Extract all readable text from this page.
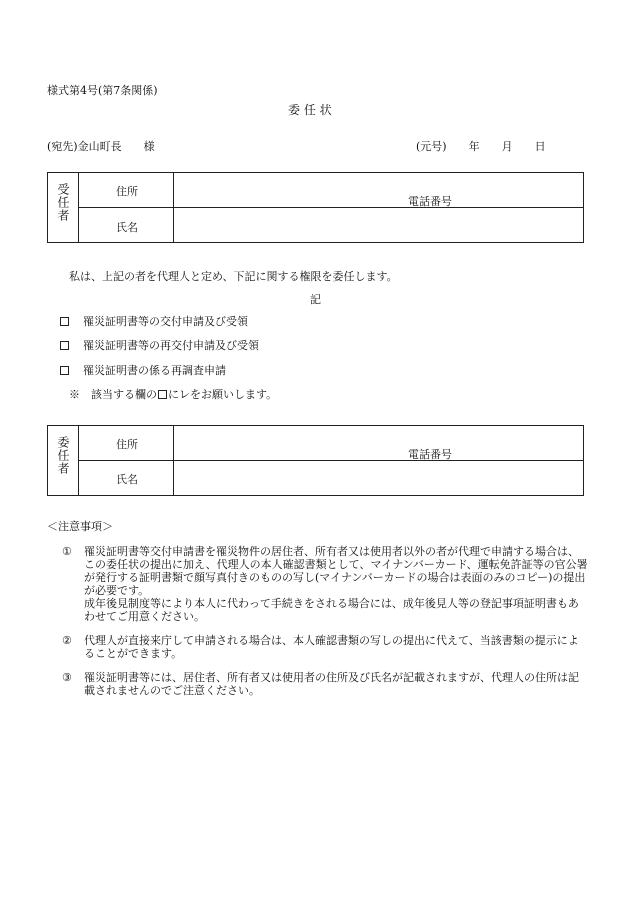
様式第4号(第7条関係)
委 任 状
(宛先)金山町長　　様	(元号)　　年　　月　　日
受任者	住所
氏名
電話番号
私は、上記の者を代理人と定め、下記に関する権限を委任します。
記
罹災証明書等の交付申請及び受領
罹災証明書等の再交付申請及び受領
罹災証明書の係る再調査申請
※　該当する欄の にレをお願いします。
委任者	住所
氏名
電話番号
＜注意事項＞
①	罹災証明書等交付申請書を罹災物件の居住者、所有者又は使用者以外の者が代理で申請する場合は、この委任状の提出に加え、代理人の本人確認書類として、マイナンバーカード、運転免許証等の官公署が発行する証明書類で顔写真付きのものの写し(マイナンバーカードの場合は表面のみのコピー)の提出が必要です。

成年後見制度等により本人に代わって手続きをされる場合には、成年後見人等の登記事項証明書もあわせてご用意ください。

②	代理人が直接来庁して申請される場合は、本人確認書類の写しの提出に代えて、当該書類の提示によることができます。

③	罹災証明書等には、居住者、所有者又は使用者の住所及び氏名が記載されますが、代理人の住所は記載されませんのでご注意ください。
